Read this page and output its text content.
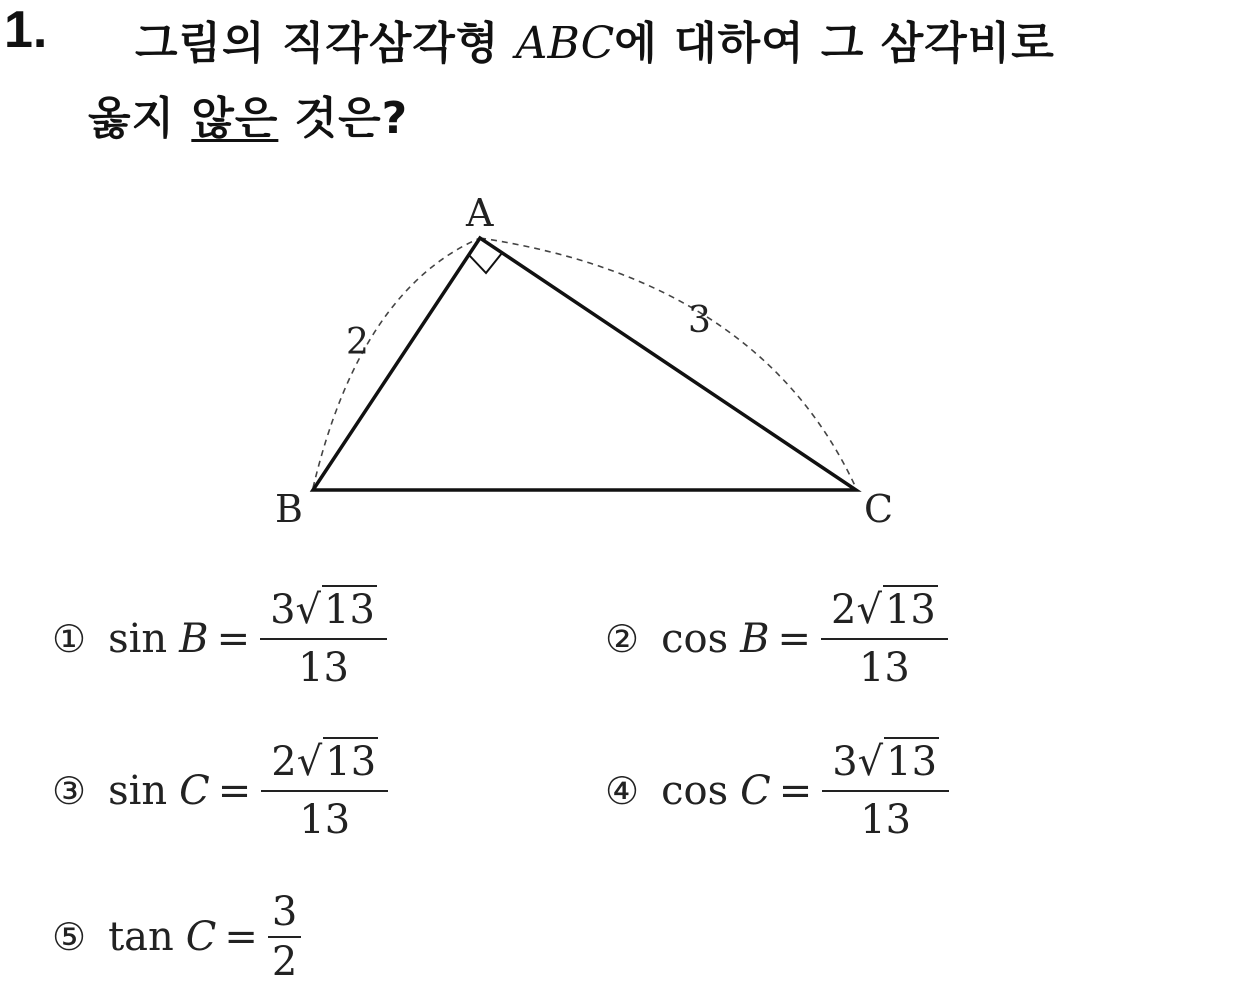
1. 그림의 직각삼각형 ABC에 대하여 그 삼각비로
옳지 않은 것은?
A
B	C
2
3
① $\sin B = \frac{3√13}{13}$	② $\cos B = \frac{2√13}{13}$
③ $\sin C = \frac{2√13}{13}$	④ $\cos C = \frac{3√13}{13}$
⑤ $\tan C = \frac{3}{2}$
